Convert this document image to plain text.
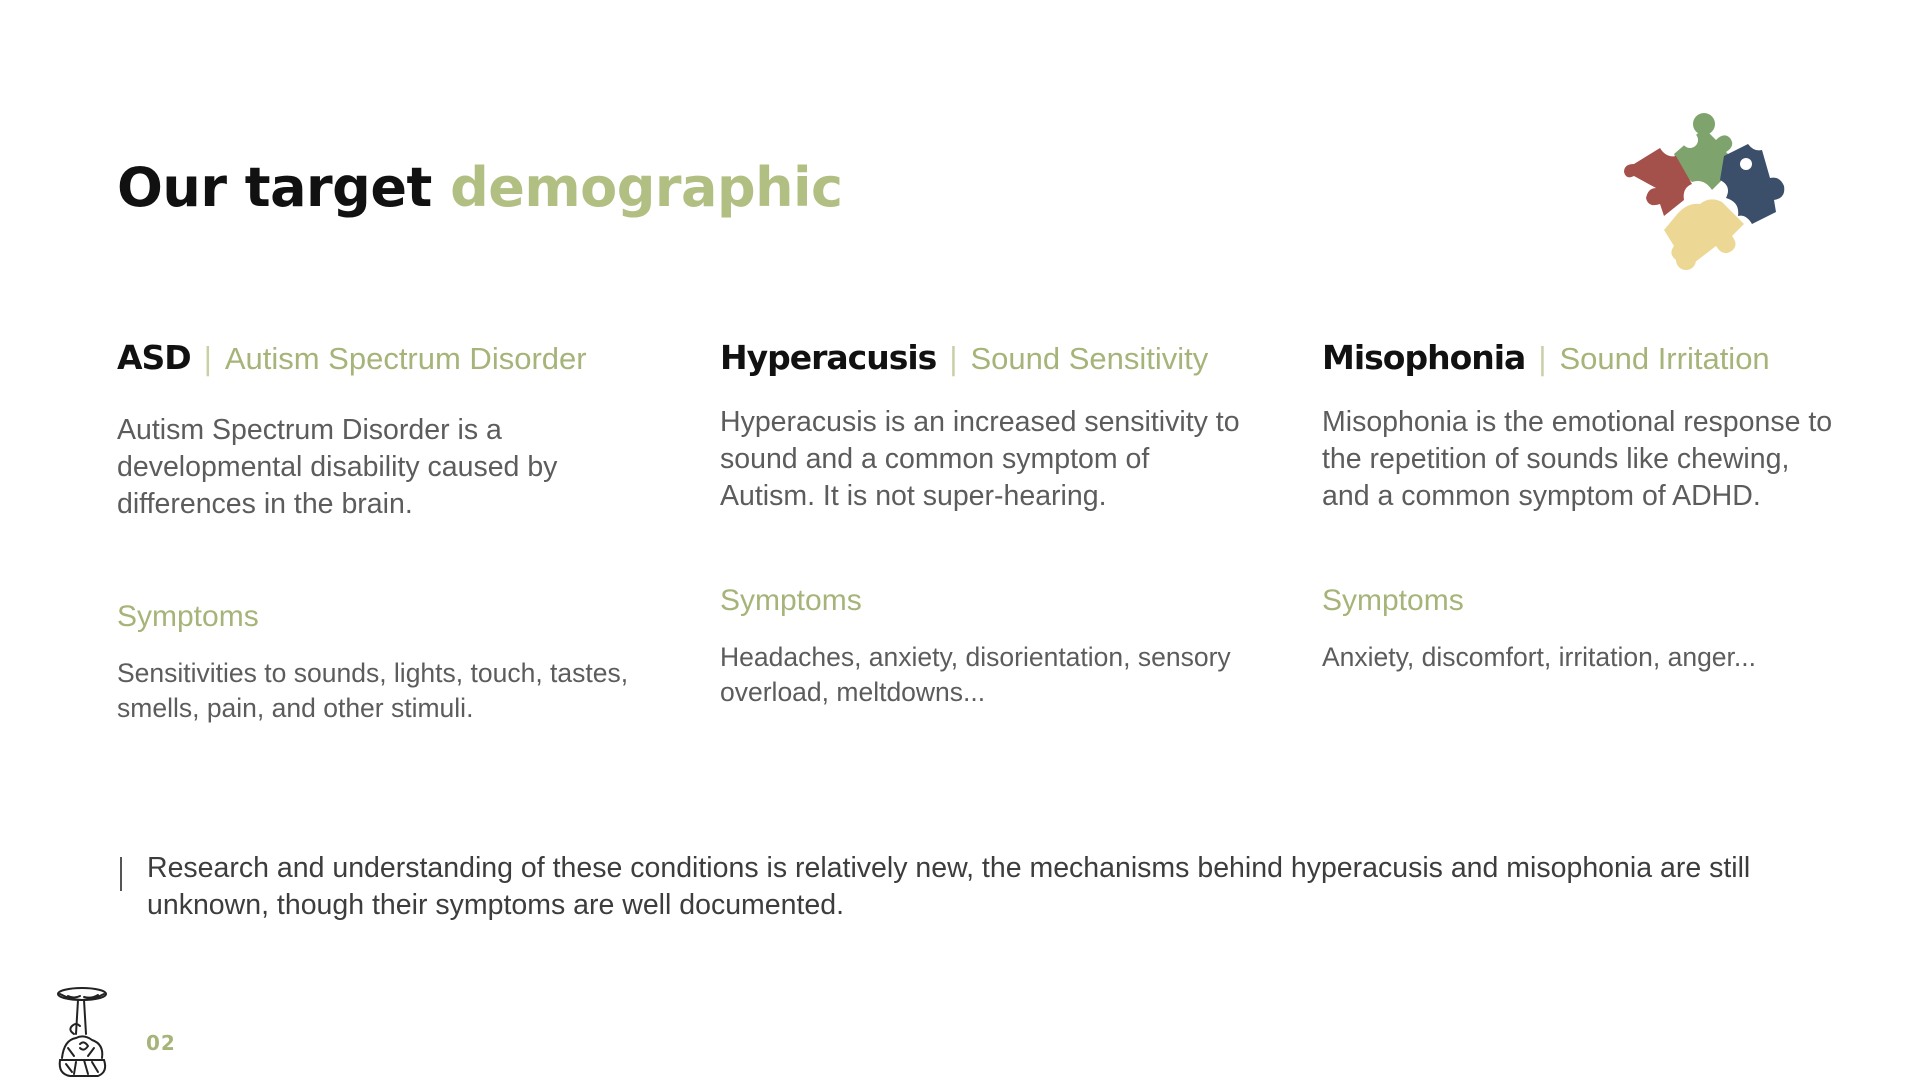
Our target demographic
ASD | Autism Spectrum Disorder
Autism Spectrum Disorder is a developmental disability caused by differences in the brain.
Symptoms
Sensitivities to sounds, lights, touch, tastes, smells, pain, and other stimuli.
Hyperacusis | Sound Sensitivity
Hyperacusis is an increased sensitivity to sound and a common symptom of Autism. It is not super-hearing.
Symptoms
Headaches, anxiety, disorientation, sensory overload, meltdowns...
Misophonia | Sound Irritation
Misophonia is the emotional response to the repetition of sounds like chewing, and a common symptom of ADHD.
Symptoms
Anxiety, discomfort, irritation, anger...
Research and understanding of these conditions is relatively new, the mechanisms behind hyperacusis and misophonia are still unknown, though their symptoms are well documented.
02
